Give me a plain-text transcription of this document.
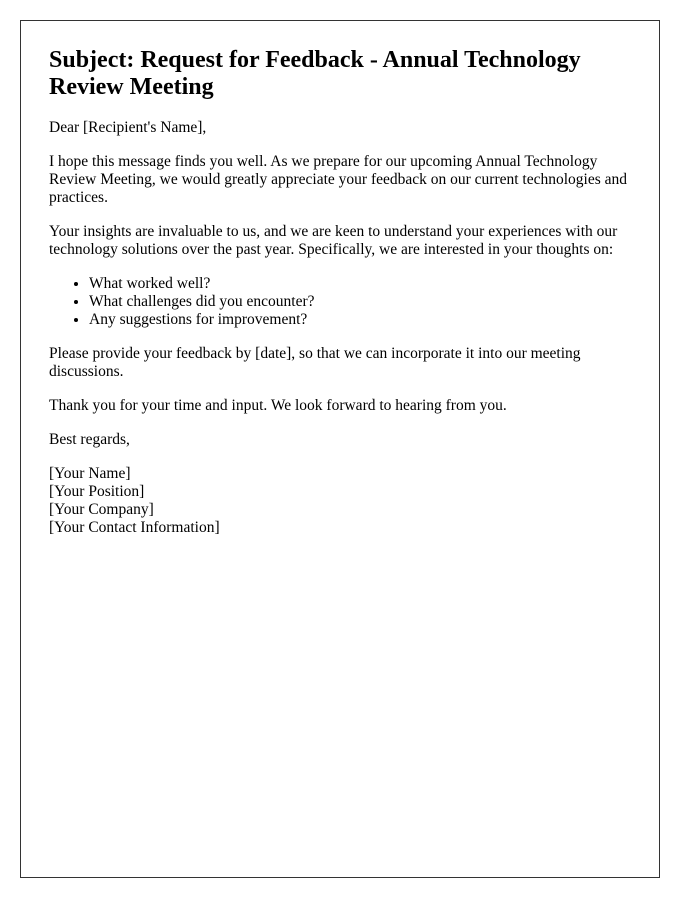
Subject: Request for Feedback - Annual Technology Review Meeting

Dear [Recipient's Name],

I hope this message finds you well. As we prepare for our upcoming Annual Technology Review Meeting, we would greatly appreciate your feedback on our current technologies and practices.

Your insights are invaluable to us, and we are keen to understand your experiences with our technology solutions over the past year. Specifically, we are interested in your thoughts on:

• What worked well?
• What challenges did you encounter?
• Any suggestions for improvement?

Please provide your feedback by [date], so that we can incorporate it into our meeting discussions.

Thank you for your time and input. We look forward to hearing from you.

Best regards,

[Your Name]
[Your Position]
[Your Company]
[Your Contact Information]
